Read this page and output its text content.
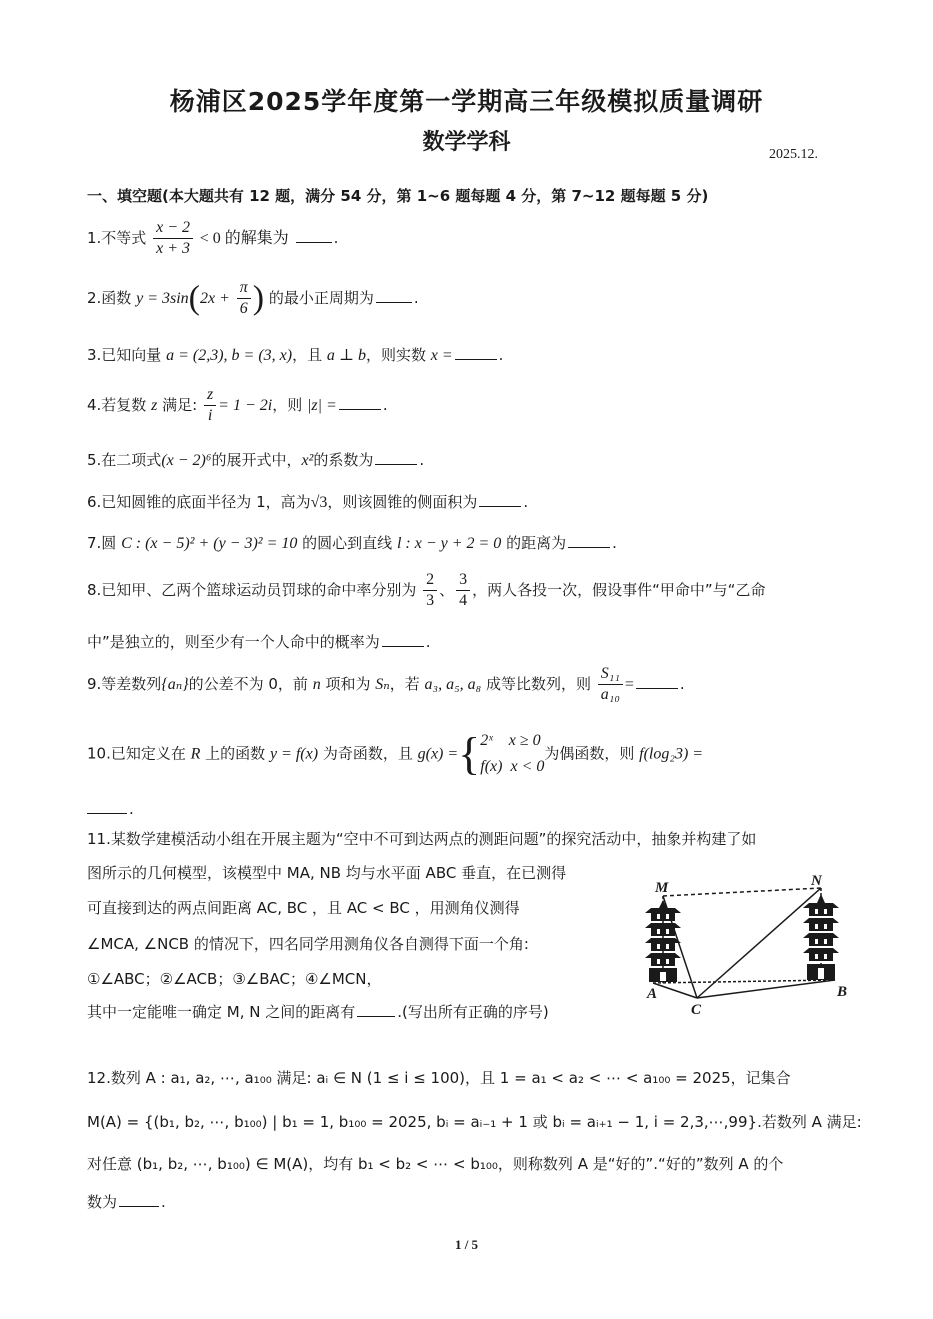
杨浦区2025学年度第一学期高三年级模拟质量调研
数学学科	2025.12.
一、填空题(本大题共有 12 题，满分 54 分，第 1~6 题每题 4 分，第 7~12 题每题 5 分)
1.不等式 $\frac{x - 2}{x + 3} < 0$ 的解集为	.
2.函数 $y = 3\sin(2x + \frac{\pi}{6}$ ) 的最小正周期为	.
3.已知向量 a = (2,3), b = (3, x)，且 a ⊥ b，则实数 x =	.
4.若复数 z 满足: $\frac{z}{i} = 1 - 2i$，则 |z| =	.
5.在二项式(x − 2)⁶的展开式中，x²的系数为	.
6.已知圆锥的底面半径为 1，高为√3，则该圆锥的侧面积为	.
7.圆 C : (x − 5)² + (y − 3)² = 10 的圆心到直线 l : x − y + 2 = 0 的距离为	.
8.已知甲、乙两个篮球运动员罚球的命中率分别为 $\frac{2}{3}$ 、 $\frac{3}{4}$ ，两人各投一次，假设事件“甲命中”与“乙命
中”是独立的，则至少有一个人命中的概率为	.
9.等差数列{aₙ}的公差不为 0，前 n 项和为 Sₙ，若 a₃, a₅, a₈ 成等比数列，则 $\frac{\text{S₁₁}}{\text{a₁₀}}$ =	.
10.已知定义在 R 上的函数 y = f(x) 为奇函数，且 g(x) ={ 2ˣ x ≥ 0
f(x) x < 0
为偶函数，则 f(log₂3) =
.
11.某数学建模活动小组在开展主题为“空中不可到达两点的测距问题”的探究活动中，抽象并构建了如
图所示的几何模型，该模型中 MA, NB 均与水平面 ABC 垂直，在已测得
可直接到达的两点间距离 AC, BC ，且 AC < BC ，用测角仪测得
∠MCA, ∠NCB 的情况下，四名同学用测角仪各自测得下面一个角:
①∠ABC；②∠ACB；③∠BAC；④∠MCN，
其中一定能唯一确定 M, N 之间的距离有	.(写出所有正确的序号)
M	N
A
C
B
12.数列 A : a₁, a₂, ⋯, a₁₀₀ 满足: aᵢ ∈ N (1 ≤ i ≤ 100)，且 1 = a₁ < a₂ < ⋯ < a₁₀₀ = 2025，记集合
M(A) = {(b₁, b₂, ⋯, b₁₀₀) | b₁ = 1, b₁₀₀ = 2025, bᵢ = aᵢ₋₁ + 1 或 bᵢ = aᵢ₊₁ − 1, i = 2,3,⋯,99}.若数列 A 满足:
对任意 (b₁, b₂, ⋯, b₁₀₀) ∈ M(A)，均有 b₁ < b₂ < ⋯ < b₁₀₀，则称数列 A 是“好的”.“好的”数列 A 的个
数为	.
1 / 5
